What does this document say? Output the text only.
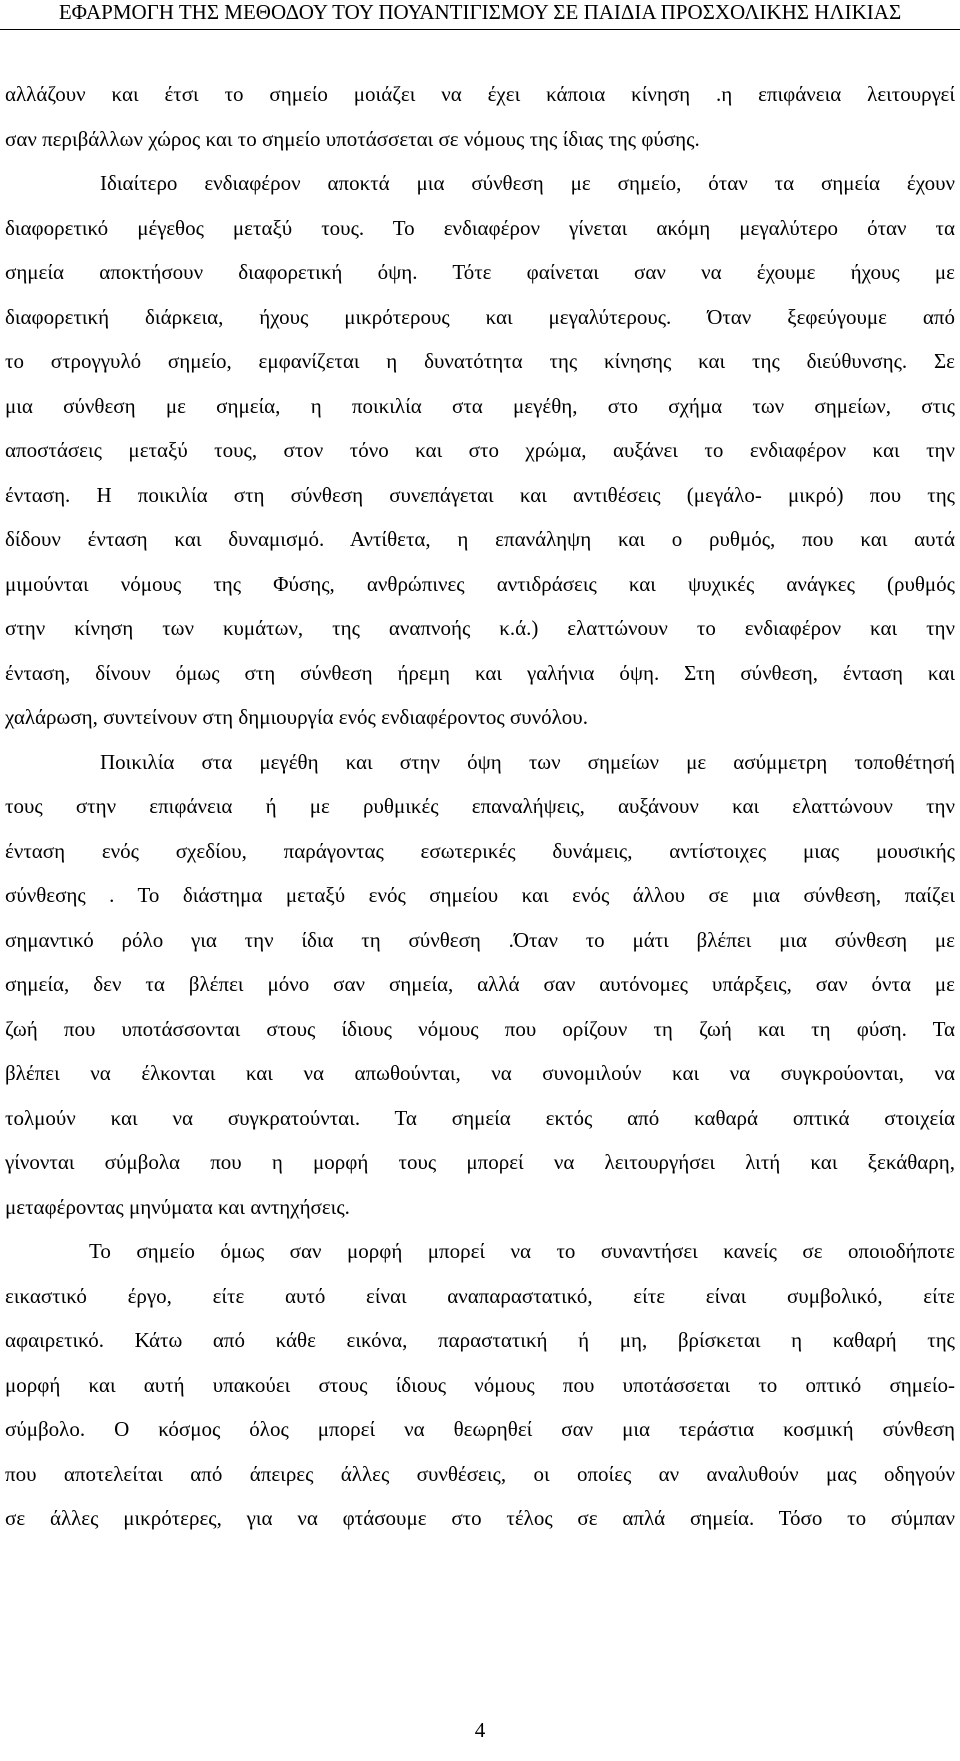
ΕΦΑΡΜΟΓΗ ΤΗΣ ΜΕΘΟΔΟΥ ΤΟΥ ΠΟΥΑΝΤΙΓΙΣΜΟΥ ΣΕ ΠΑΙΔΙΑ ΠΡΟΣΧΟΛΙΚΗΣ ΗΛΙΚΙΑΣ
αλλάζουν και έτσι το σημείο μοιάζει να έχει κάποια κίνηση .η επιφάνεια λειτουργεί
σαν περιβάλλων χώρος και το σημείο υποτάσσεται σε νόμους της ίδιας της φύσης.
Ιδιαίτερο ενδιαφέρον αποκτά μια σύνθεση με σημείο, όταν τα σημεία έχουν
διαφορετικό μέγεθος μεταξύ τους. Το ενδιαφέρον γίνεται ακόμη μεγαλύτερο όταν τα
σημεία αποκτήσουν διαφορετική όψη. Τότε φαίνεται σαν να έχουμε ήχους με
διαφορετική διάρκεια, ήχους μικρότερους και μεγαλύτερους. Όταν ξεφεύγουμε από
το στρογγυλό σημείο, εμφανίζεται η δυνατότητα της κίνησης και της διεύθυνσης. Σε
μια σύνθεση με σημεία, η ποικιλία στα μεγέθη, στο σχήμα των σημείων, στις
αποστάσεις μεταξύ τους, στον τόνο και στο χρώμα, αυξάνει το ενδιαφέρον και την
ένταση. Η ποικιλία στη σύνθεση συνεπάγεται και αντιθέσεις (μεγάλο- μικρό) που της
δίδουν ένταση και δυναμισμό. Αντίθετα, η επανάληψη και ο ρυθμός, που και αυτά
μιμούνται νόμους της Φύσης, ανθρώπινες αντιδράσεις και ψυχικές ανάγκες (ρυθμός
στην κίνηση των κυμάτων, της αναπνοής κ.ά.) ελαττώνουν το ενδιαφέρον και την
ένταση, δίνουν όμως στη σύνθεση ήρεμη και γαλήνια όψη. Στη σύνθεση, ένταση και
χαλάρωση, συντείνουν στη δημιουργία ενός ενδιαφέροντος συνόλου.
Ποικιλία στα μεγέθη και στην όψη των σημείων με ασύμμετρη τοποθέτησή
τους στην επιφάνεια ή με ρυθμικές επαναλήψεις, αυξάνουν και ελαττώνουν την
ένταση ενός σχεδίου, παράγοντας εσωτερικές δυνάμεις, αντίστοιχες μιας μουσικής
σύνθεσης . Το διάστημα μεταξύ ενός σημείου και ενός άλλου σε μια σύνθεση, παίζει
σημαντικό ρόλο για την ίδια τη σύνθεση .Όταν το μάτι βλέπει μια σύνθεση με
σημεία, δεν τα βλέπει μόνο σαν σημεία, αλλά σαν αυτόνομες υπάρξεις, σαν όντα με
ζωή που υποτάσσονται στους ίδιους νόμους που ορίζουν τη ζωή και τη φύση. Τα
βλέπει να έλκονται και να απωθούνται, να συνομιλούν και να συγκρούονται, να
τολμούν και να συγκρατούνται. Τα σημεία εκτός από καθαρά οπτικά στοιχεία
γίνονται σύμβολα που η μορφή τους μπορεί να λειτουργήσει λιτή και ξεκάθαρη,
μεταφέροντας μηνύματα και αντηχήσεις.
Το σημείο όμως σαν μορφή μπορεί να το συναντήσει κανείς σε οποιοδήποτε
εικαστικό έργο, είτε αυτό είναι αναπαραστατικό, είτε είναι συμβολικό, είτε
αφαιρετικό. Κάτω από κάθε εικόνα, παραστατική ή μη, βρίσκεται η καθαρή της
μορφή και αυτή υπακούει στους ίδιους νόμους που υποτάσσεται το οπτικό σημείο-
σύμβολο. Ο κόσμος όλος μπορεί να θεωρηθεί σαν μια τεράστια κοσμική σύνθεση
που αποτελείται από άπειρες άλλες συνθέσεις, οι οποίες αν αναλυθούν μας οδηγούν
σε άλλες μικρότερες, για να φτάσουμε στο τέλος σε απλά σημεία. Τόσο το σύμπαν
4
